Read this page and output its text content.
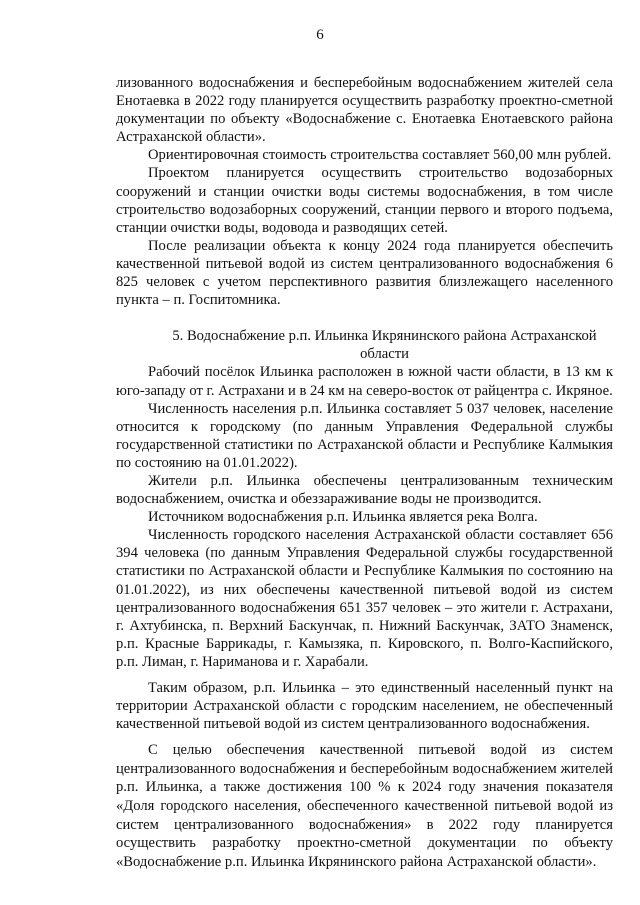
6

лизованного водоснабжения и бесперебойным водоснабжением жителей села Енотаевка в 2022 году планируется осуществить разработку проектно-сметной документации по объекту «Водоснабжение с. Енотаевка Енотаевского района Астраханской области».

Ориентировочная стоимость строительства составляет 560,00 млн рублей.

Проектом планируется осуществить строительство водозаборных сооружений и станции очистки воды системы водоснабжения, в том числе строительство водозаборных сооружений, станции первого и второго подъема, станции очистки воды, водовода и разводящих сетей.

После реализации объекта к концу 2024 года планируется обеспечить качественной питьевой водой из систем централизованного водоснабжения 6 825 человек с учетом перспективного развития близлежащего населенного пункта – п. Госпитомника.

5. Водоснабжение р.п. Ильинка Икрянинского района Астраханской области

Рабочий посёлок Ильинка расположен в южной части области, в 13 км к юго-западу от г. Астрахани и в 24 км на северо-восток от райцентра с. Икряное.

Численность населения р.п. Ильинка составляет 5 037 человек, население относится к городскому (по данным Управления Федеральной службы государственной статистики по Астраханской области и Республике Калмыкия по состоянию на 01.01.2022).

Жители р.п. Ильинка обеспечены централизованным техническим водоснабжением, очистка и обеззараживание воды не производится.

Источником водоснабжения р.п. Ильинка является река Волга.

Численность городского населения Астраханской области составляет 656 394 человека (по данным Управления Федеральной службы государственной статистики по Астраханской области и Республике Калмыкия по состоянию на 01.01.2022), из них обеспечены качественной питьевой водой из систем централизованного водоснабжения 651 357 человек – это жители г. Астрахани, г. Ахтубинска, п. Верхний Баскунчак, п. Нижний Баскунчак, ЗАТО Знаменск, р.п. Красные Баррикады, г. Камызяка, п. Кировского, п. Волго-Каспийского, р.п. Лиман, г. Нариманова и г. Харабали.

Таким образом, р.п. Ильинка – это единственный населенный пункт на территории Астраханской области с городским населением, не обеспеченный качественной питьевой водой из систем централизованного водоснабжения.

С целью обеспечения качественной питьевой водой из систем централизованного водоснабжения и бесперебойным водоснабжением жителей р.п. Ильинка, а также достижения 100 % к 2024 году значения показателя «Доля городского населения, обеспеченного качественной питьевой водой из систем централизованного водоснабжения» в 2022 году планируется осуществить разработку проектно-сметной документации по объекту «Водоснабжение р.п. Ильинка Икрянинского района Астраханской области».
